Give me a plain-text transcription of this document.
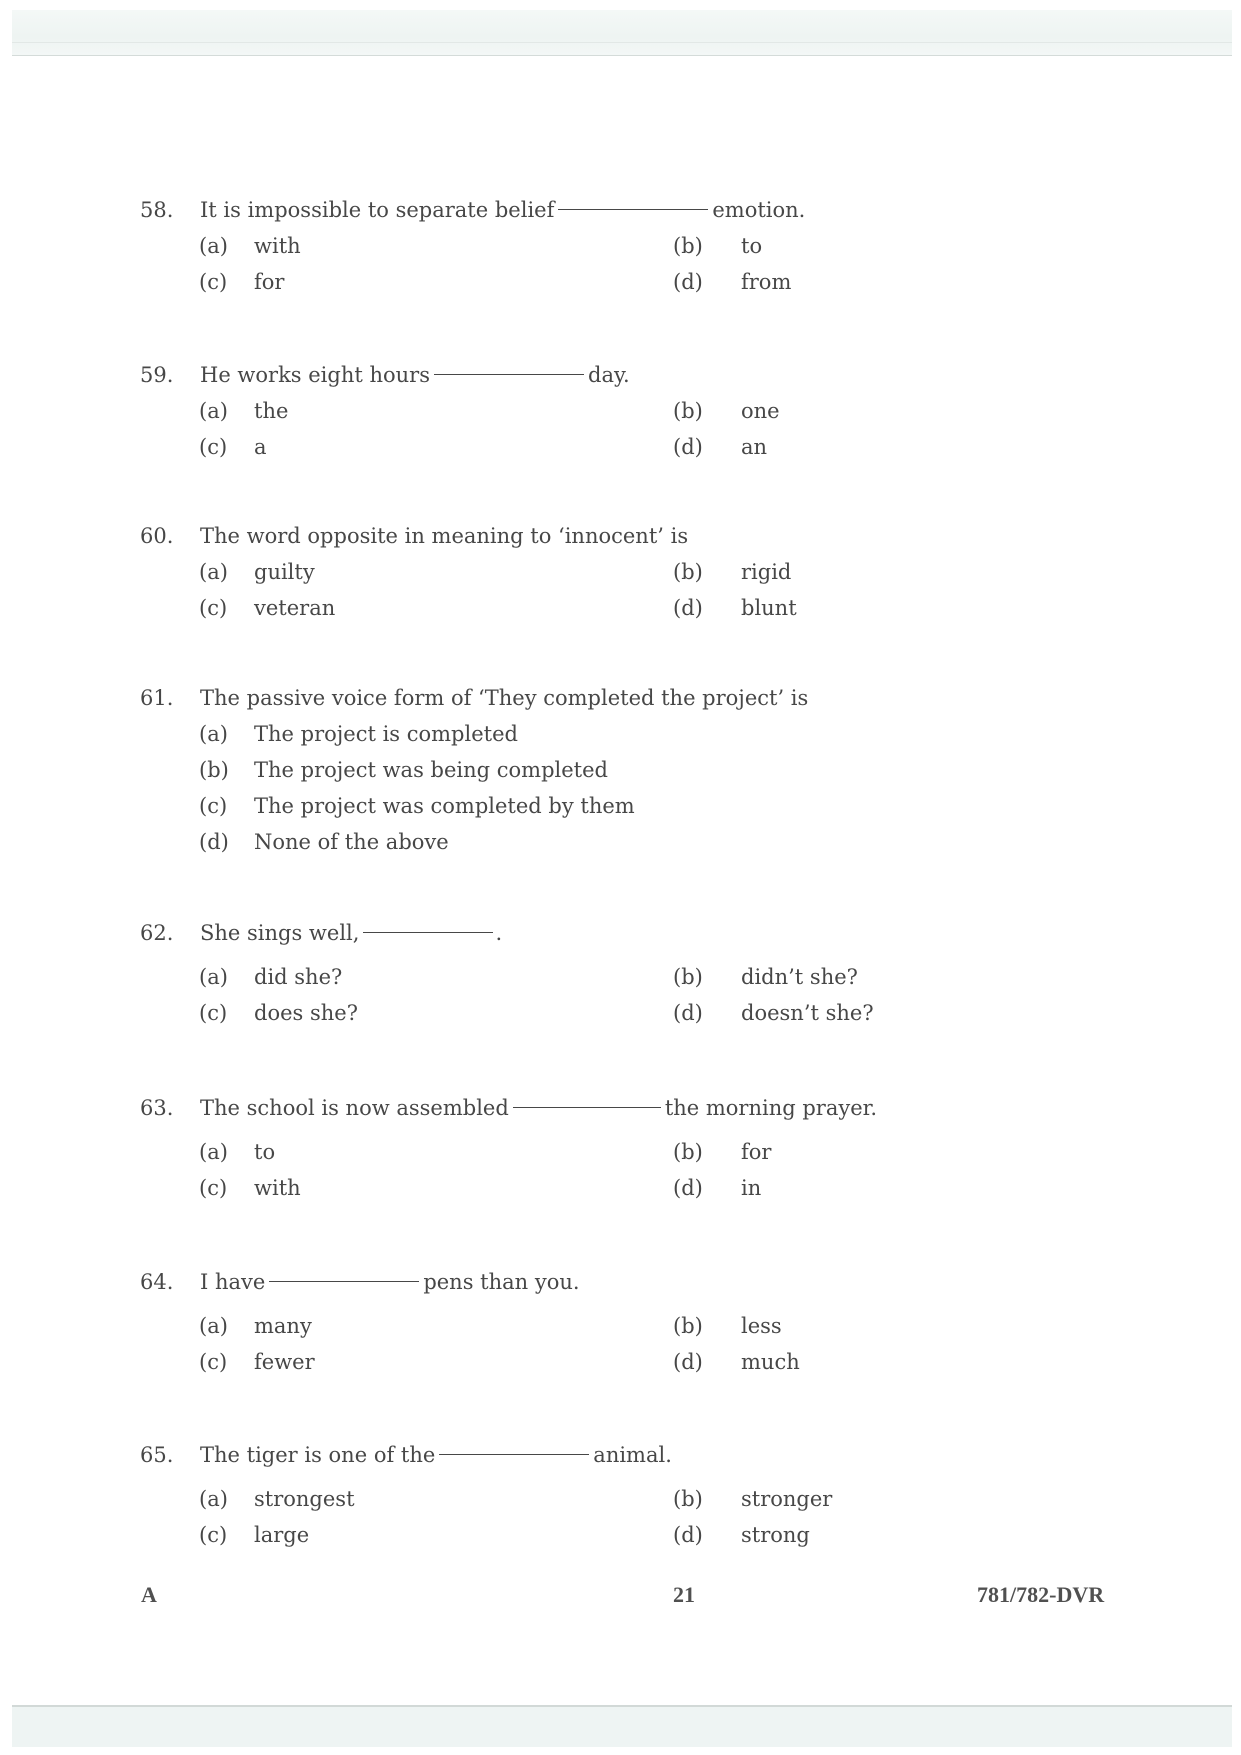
58. It is impossible to separate belief	emotion.
(a) with	(b) to
(c) for	(d) from
59. He works eight hours	day.
(a) the	(b) one
(c) a	(d) an
60. The word opposite in meaning to ‘innocent’ is
(a) guilty	(b) rigid
(c) veteran	(d) blunt
61. The passive voice form of ‘They completed the project’ is
(a) The project is completed
(b) The project was being completed
(c) The project was completed by them
(d) None of the above
62. She sings well,	.
(a) did she?	(b) didn’t she?
(c) does she?	(d) doesn’t she?
63. The school is now assembled	the morning prayer.
(a) to	(b) for
(c) with	(d) in
64. I have	pens than you.
(a) many	(b) less
(c) fewer	(d) much
65. The tiger is one of the	animal.
(a) strongest	(b) stronger
(c) large	(d) strong
A	21	781/782-DVR
